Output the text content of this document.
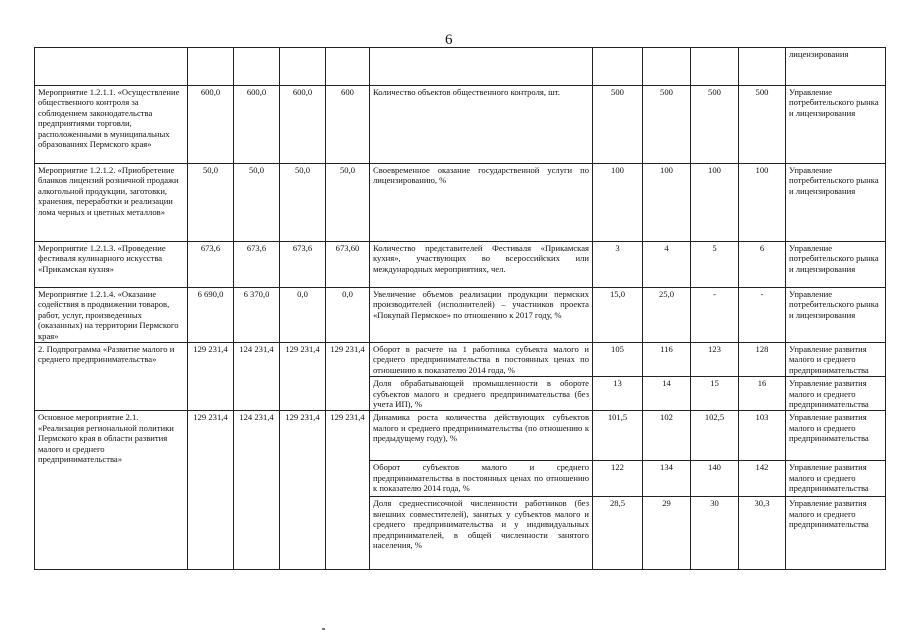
6
										лицензирования
Мероприятие 1.2.1.1. «Осуществление общественного контроля за соблюдением законодательства предприятиями торговли, расположенными в муниципальных образованиях Пермского края»	600,0	600,0	600,0	600	Количество объектов общественного контроля, шт.	500	500	500	500	Управление потребительского рынка и лицензирования
Мероприятие 1.2.1.2. «Приобретение бланков лицензий розничной продажи алкогольной продукции, заготовки, хранения, переработки и реализации лома черных и цветных металлов»	50,0	50,0	50,0	50,0	Своевременное оказание государственной услуги по лицензированию, %	100	100	100	100	Управление потребительского рынка и лицензирования
Мероприятие 1.2.1.3. «Проведение фестиваля кулинарного искусства «Прикамская кухня»	673,6	673,6	673,6	673,60	Количество представителей Фестиваля «Прикамская кухня», участвующих во всероссийских или международных мероприятиях, чел.	3	4	5	6	Управление потребительского рынка и лицензирования
Мероприятие 1.2.1.4. «Оказание содействия в продвижении товаров, работ, услуг, произведенных (оказанных) на территории Пермского края»	6 690,0	6 370,0	0,0	0,0	Увеличение объемов реализации продукции пермских производителей (исполнителей) – участников проекта «Покупай Пермское» по отношению к 2017 году, %	15,0	25,0	-	-	Управление потребительского рынка и лицензирования
2. Подпрограмма «Развитие малого и среднего предпринимательства»	129 231,4	124 231,4	129 231,4	129 231,4	Оборот в расчете на 1 работника субъекта малого и среднего предпринимательства в постоянных ценах по отношению к показателю 2014 года, %	105	116	123	128	Управление развития малого и среднего предпринимательства
					Доля обрабатывающей промышленности в обороте субъектов малого и среднего предпринимательства (без учета ИП), %	13	14	15	16	Управление развития малого и среднего предпринимательства
Основное мероприятие 2.1. «Реализация региональной политики Пермского края в области развития малого и среднего предпринимательства»	129 231,4	124 231,4	129 231,4	129 231,4	Динамика роста количества действующих субъектов малого и среднего предпринимательства (по отношению к предыдущему году), %	101,5	102	102,5	103	Управление развития малого и среднего предпринимательства
					Оборот субъектов малого и среднего предпринимательства в постоянных ценах по отношению к показателю 2014 года, %	122	134	140	142	Управление развития малого и среднего предпринимательства
					Доля среднесписочной численности работников (без внешних совместителей), занятых у субъектов малого и среднего предпринимательства и у индивидуальных предпринимателей, в общей численности занятого населения, %	28,5	29	30	30,3	Управление развития малого и среднего предпринимательства
